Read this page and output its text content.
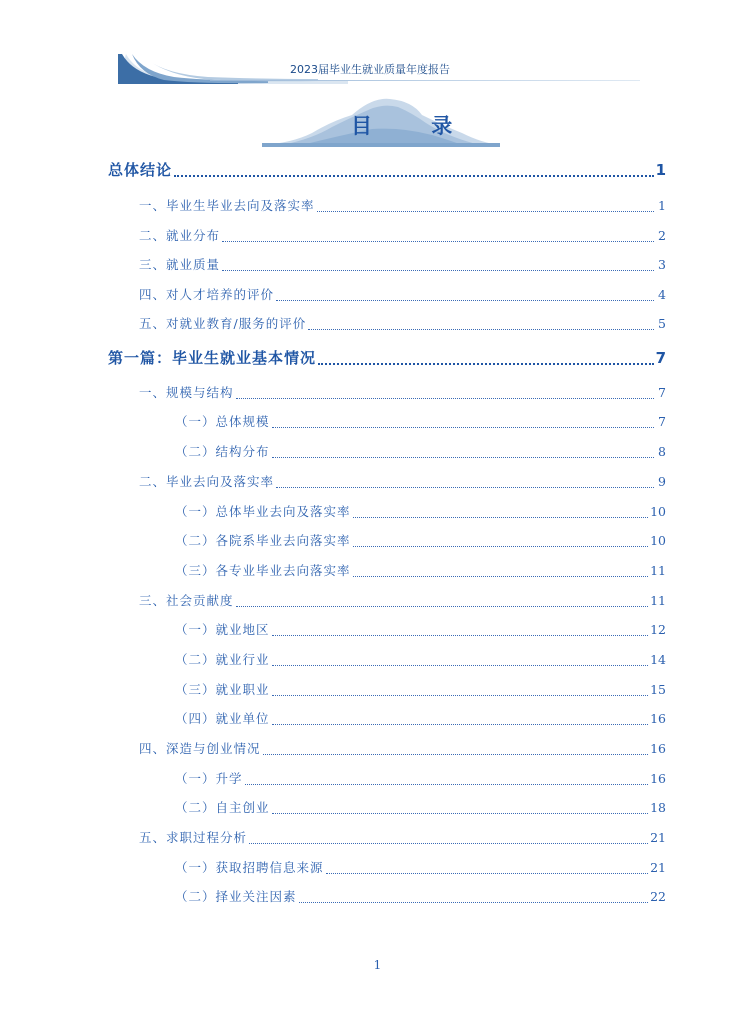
2023届毕业生就业质量年度报告
目 录
总体结论	1
一、毕业生毕业去向及落实率	1
二、就业分布	2
三、就业质量	3
四、对人才培养的评价	4
五、对就业教育/服务的评价	5
第一篇：毕业生就业基本情况	7
一、规模与结构	7
（一）总体规模	7
（二）结构分布	8
二、毕业去向及落实率	9
（一）总体毕业去向及落实率	10
（二）各院系毕业去向落实率	10
（三）各专业毕业去向落实率	11
三、社会贡献度	11
（一）就业地区	12
（二）就业行业	14
（三）就业职业	15
（四）就业单位	16
四、深造与创业情况	16
（一）升学	16
（二）自主创业	18
五、求职过程分析	21
（一）获取招聘信息来源	21
（二）择业关注因素	22
1
